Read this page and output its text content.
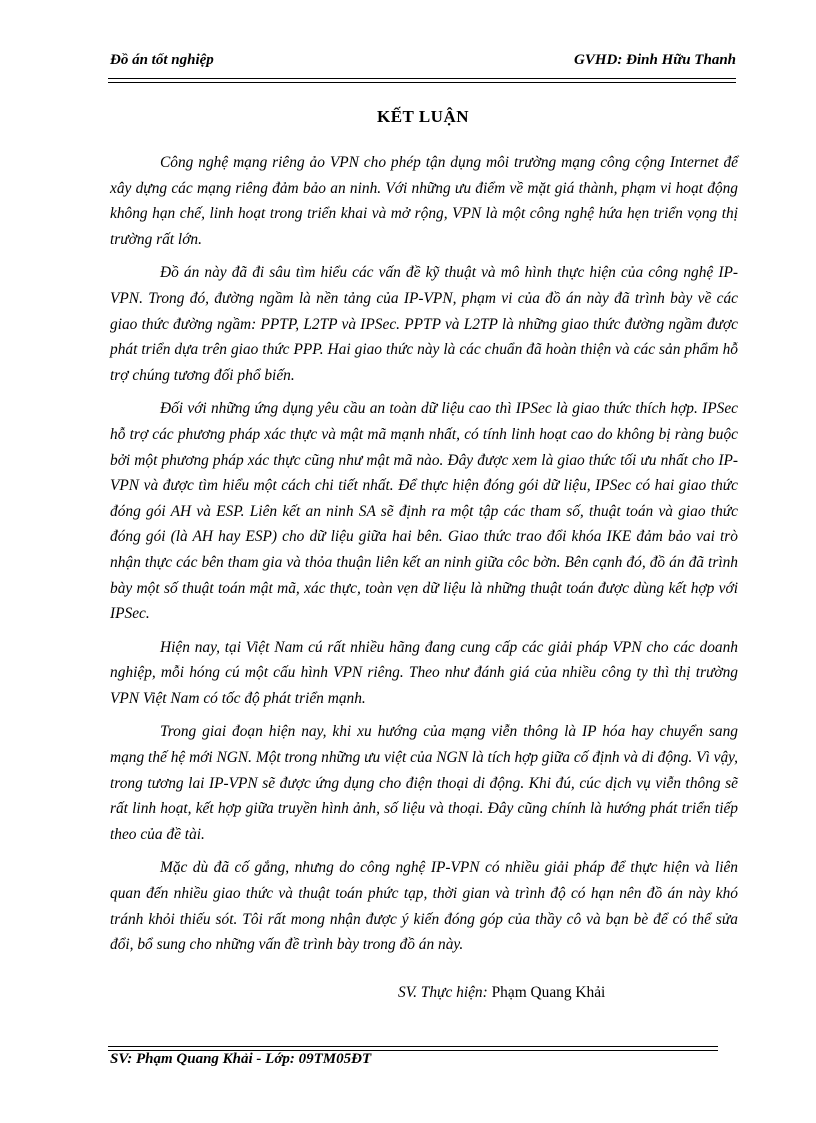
Đồ án tốt nghiệp	GVHD: Đinh Hữu Thanh
KẾT LUẬN

Công nghệ mạng riêng ảo VPN cho phép tận dụng môi trường mạng công cộng Internet để xây dựng các mạng riêng đảm bảo an ninh. Với những ưu điểm về mặt giá thành, phạm vi hoạt động không hạn chế, linh hoạt trong triển khai và mở rộng, VPN là một công nghệ hứa hẹn triển vọng thị trường rất lớn.

Đồ án này đã đi sâu tìm hiểu các vấn đề kỹ thuật và mô hình thực hiện của công nghệ IP-VPN. Trong đó, đường ngầm là nền tảng của IP-VPN, phạm vi của đồ án này đã trình bày về các giao thức đường ngầm: PPTP, L2TP và IPSec. PPTP và L2TP là những giao thức đường ngầm được phát triển dựa trên giao thức PPP. Hai giao thức này là các chuẩn đã hoàn thiện và các sản phẩm hỗ trợ chúng tương đối phổ biến.

Đối với những ứng dụng yêu cầu an toàn dữ liệu cao thì IPSec là giao thức thích hợp. IPSec hỗ trợ các phương pháp xác thực và mật mã mạnh nhất, có tính linh hoạt cao do không bị ràng buộc bởi một phương pháp xác thực cũng như mật mã nào. Đây được xem là giao thức tối ưu nhất cho IP-VPN và được tìm hiểu một cách chi tiết nhất. Để thực hiện đóng gói dữ liệu, IPSec có hai giao thức đóng gói AH và ESP. Liên kết an ninh SA sẽ định ra một tập các tham số, thuật toán và giao thức đóng gói (là AH hay ESP) cho dữ liệu giữa hai bên. Giao thức trao đổi khóa IKE đảm bảo vai trò nhận thực các bên tham gia và thỏa thuận liên kết an ninh giữa côc bờn. Bên cạnh đó, đồ án đã trình bày một số thuật toán mật mã, xác thực, toàn vẹn dữ liệu là những thuật toán được dùng kết hợp với IPSec.

Hiện nay, tại Việt Nam cú rất nhiều hãng đang cung cấp các giải pháp VPN cho các doanh nghiệp, mỗi hóng cú một cấu hình VPN riêng. Theo như đánh giá của nhiều công ty thì thị trường VPN Việt Nam có tốc độ phát triển mạnh.

Trong giai đoạn hiện nay, khi xu hướng của mạng viễn thông là IP hóa hay chuyển sang mạng thế hệ mới NGN. Một trong những ưu việt của NGN là tích hợp giữa cố định và di động. Vì vậy, trong tương lai IP-VPN sẽ được ứng dụng cho điện thoại di động. Khi đú, cúc dịch vụ viễn thông sẽ rất linh hoạt, kết hợp giữa truyền hình ảnh, số liệu và thoại. Đây cũng chính là hướng phát triển tiếp theo của đề tài.

Mặc dù đã cố gắng, nhưng do công nghệ IP-VPN có nhiều giải pháp để thực hiện và liên quan đến nhiều giao thức và thuật toán phức tạp, thời gian và trình độ có hạn nên đồ án này khó tránh khỏi thiếu sót. Tôi rất mong nhận được ý kiến đóng góp của thầy cô và bạn bè để có thể sửa đổi, bổ sung cho những vấn đề trình bày trong đồ án này.

SV. Thực hiện: Phạm Quang Khải
SV: Phạm Quang Khải - Lớp: 09TM05ĐT
